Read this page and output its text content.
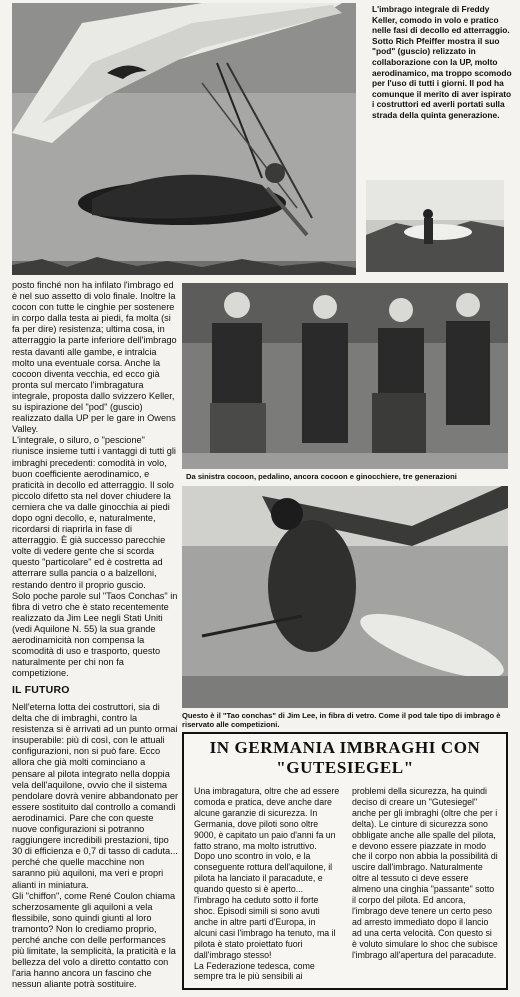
L'imbrago integrale di Freddy Keller, comodo in volo e pratico nelle fasi di decollo ed atterraggio. Sotto Rich Pfeiffer mostra il suo "pod" (guscio) relizzato in collaborazione con la UP, molto aerodinamico, ma troppo scomodo per l'uso di tutti i giorni. Il pod ha comunque il merito di aver ispirato i costruttori ed averli portati sulla strada della quinta generazione.

posto finché non ha infilato l'imbrago ed è nel suo assetto di volo finale. Inoltre la cocon con tutte le cinghie per sostenere in corpo dalla testa ai piedi, fa molta (si fa per dire) resistenza; ultima cosa, in atterraggio la parte inferiore dell'imbrago resta davanti alle gambe, e intralcia molto una eventuale corsa. Anche la cocoon diventa vecchia, ed ecco già pronta sul mercato l'imbragatura integrale, proposta dallo svizzero Keller, su ispirazione del "pod" (guscio) realizzato dalla UP per le gare in Owens Valley.

L'integrale, o siluro, o "pescione" riunisce insieme tutti i vantaggi di tutti gli imbraghi precedenti: comodità in volo, buon coefficiente aerodinamico, e praticità in decollo ed atterraggio. Il solo piccolo difetto sta nel dover chiudere la cerniera che va dalle ginocchia ai piedi dopo ogni decollo, e, naturalmente, ricordarsi di riaprirla in fase di atterraggio. È già successo parecchie volte di vedere gente che si scorda questo "particolare" ed è costretta ad atterrare sulla pancia o a balzelloni, restando dentro il proprio guscio.

Solo poche parole sul "Taos Conchas" in fibra di vetro che è stato recentemente realizzato da Jim Lee negli Stati Uniti (vedi Aquilone N. 55) la sua grande aerodinamicità non compensa la scomodità di uso e trasporto, questo naturalmente per chi non fa competizione.

IL FUTURO

Nell'eterna lotta dei costruttori, sia di delta che di imbraghi, contro la resistenza si è arrivati ad un punto ormai insuperabile: più di così, con le attuali configurazioni, non si può fare. Ecco allora che già molti cominciano a pensare al pilota integrato nella doppia vela dell'aquilone, ovvio che il sistema pendolare dovrà venire abbandonato per essere sostituito dal controllo a comandi aerodinamici. Pare che con queste nuove configurazioni si potranno raggiungere incredibili prestazioni, tipo 30 di efficienza e 0,7 di tasso di caduta... perché che quelle macchine non saranno più aquiloni, ma veri e propri alianti in miniatura.

Gli "chiffon", come René Coulon chiama scherzosamente gli aquiloni a vela flessibile, sono quindi giunti al loro tramonto? Non lo crediamo proprio, perché anche con delle performances più limitate, la semplicità, la praticità e la bellezza del volo a diretto contatto con l'aria hanno ancora un fascino che nessun aliante potrà sostituire.

Da sinistra cocoon, pedalino, ancora cocoon e ginocchiere, tre generazioni
Questo è il "Tao conchas" di Jim Lee, in fibra di vetro. Come il pod tale tipo di imbrago è riservato alle competizioni.
IN GERMANIA IMBRAGHI CON "GUTESIEGEL"
Una imbragatura, oltre che ad essere comoda e pratica, deve anche dare alcune garanzie di sicurezza. In Germania, dove piloti sono oltre 9000, è capitato un paio d'anni fa un fatto strano, ma molto istruttivo. Dopo uno scontro in volo, e la conseguente rottura dell'aquilone, il pilota ha lanciato il paracadute, e quando questo si è aperto... l'imbrago ha ceduto sotto il forte shoc. Episodi simili si sono avuti anche in altre parti d'Europa, in alcuni casi l'imbrago ha tenuto, ma il pilota è stato proiettato fuori dall'imbrago stesso!
La Federazione tedesca, come sempre tra le più sensibili ai
problemi della sicurezza, ha quindi deciso di creare un "Gutesiegel" anche per gli imbraghi (oltre che per i delta). Le cinture di sicurezza sono obbligate anche alle spalle del pilota, e devono essere piazzate in modo che il corpo non abbia la possibilità di uscire dall'imbrago. Naturalmente oltre al tessuto ci deve essere almeno una cinghia "passante" sotto il corpo del pilota. Ed ancora, l'imbrago deve tenere un certo peso ad arresto immediato dopo il lancio ad una certa velocità. Con questo si è voluto simulare lo shoc che subisce l'imbrago all'apertura del paracadute.
